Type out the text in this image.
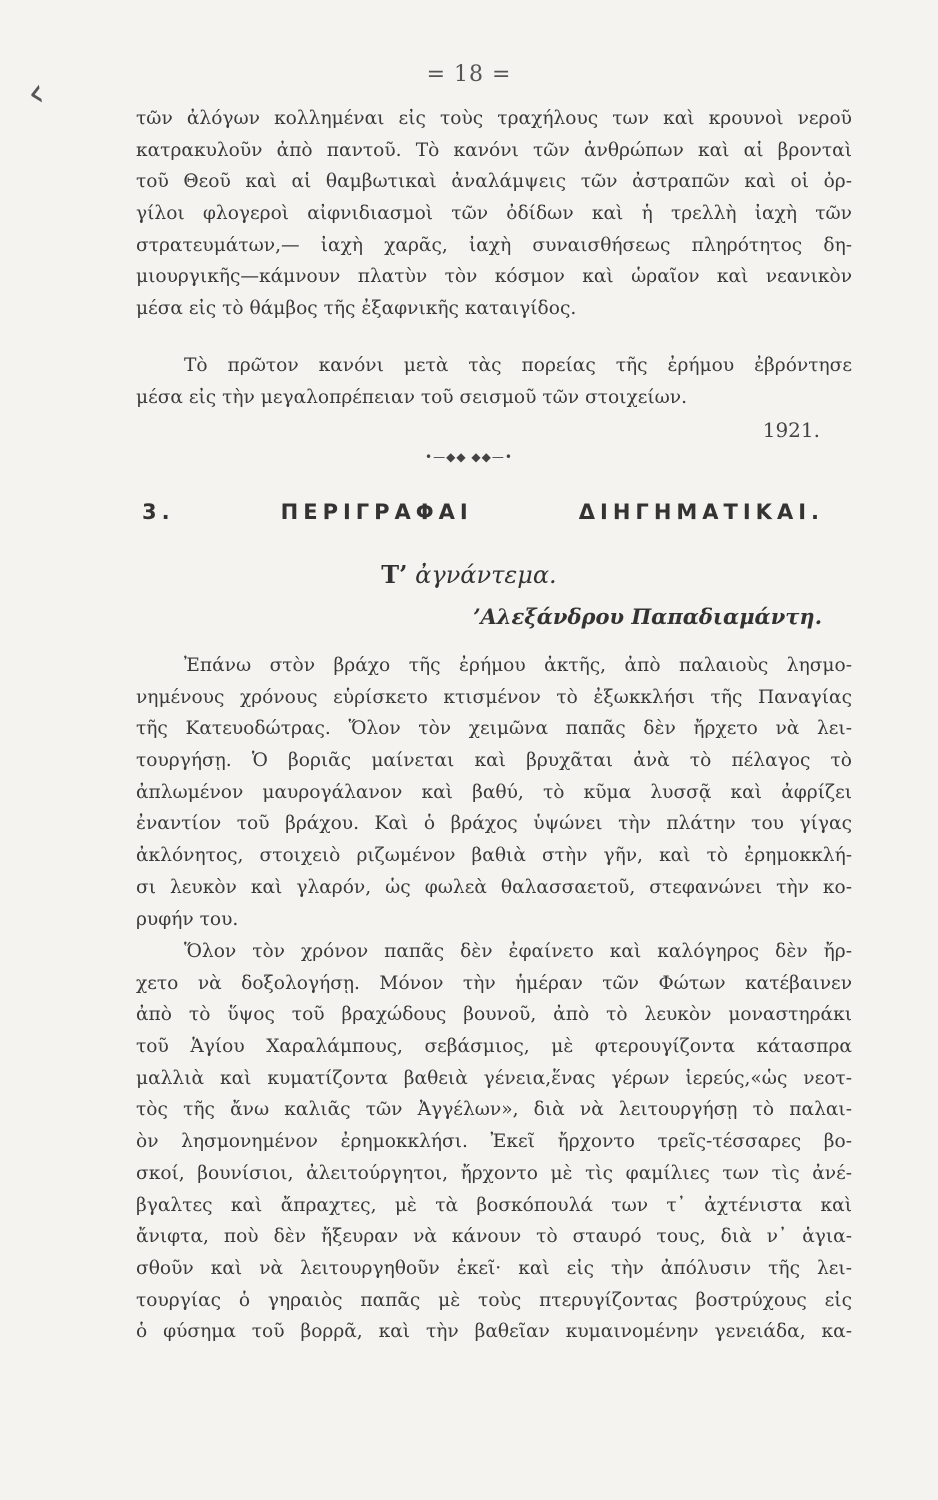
‹	= 18 =
τῶν ἀλόγων κολλημέναι εἰς τοὺς τραχήλους των καὶ κρουνοὶ νεροῦ
κατρακυλοῦν ἀπὸ παντοῦ. Τὸ κανόνι τῶν ἀνθρώπων καὶ αἱ βρονταὶ
τοῦ Θεοῦ καὶ αἱ θαμβωτικαὶ ἀναλάμψεις τῶν ἀστραπῶν καὶ οἱ ὀρ-
γίλοι φλογεροὶ αἰφνιδιασμοὶ τῶν ὀδίδων καὶ ἡ τρελλὴ ἰαχὴ τῶν
στρατευμάτων,— ἰαχὴ χαρᾶς, ἰαχὴ συναισθήσεως πληρότητος δη-
μιουργικῆς—κάμνουν πλατὺν τὸν κόσμον καὶ ὡραῖον καὶ νεανικὸν
μέσα εἰς τὸ θάμβος τῆς ἐξαφνικῆς καταιγίδος.
Τὸ πρῶτον κανόνι μετὰ τὰς πορείας τῆς ἐρήμου ἐβρόντησε
μέσα εἰς τὴν μεγαλοπρέπειαν τοῦ σεισμοῦ τῶν στοιχείων.
1921.
•—◆◆ ◆◆—•
3. ΠΕΡΙΓΡΑΦΑΙ ΔΙΗΓΗΜΑΤΙΚΑΙ.
Τ’ ἀγνάντεμα.
’Αλεξάνδρου Παπαδιαμάντη.
Ἐπάνω στὸν βράχο τῆς ἐρήμου ἀκτῆς, ἀπὸ παλαιοὺς λησμο-
νημένους χρόνους εὑρίσκετο κτισμένον τὸ ἐξωκκλήσι τῆς Παναγίας
τῆς Κατευοδώτρας. Ὅλον τὸν χειμῶνα παπᾶς δὲν ἤρχετο νὰ λει-
τουργήσῃ. Ὁ βοριᾶς μαίνεται καὶ βρυχᾶται ἀνὰ τὸ πέλαγος τὸ
ἀπλωμένον μαυρογάλανον καὶ βαθύ, τὸ κῦμα λυσσᾷ καὶ ἀφρίζει
ἐναντίον τοῦ βράχου. Καὶ ὁ βράχος ὑψώνει τὴν πλάτην του γίγας
ἀκλόνητος, στοιχειὸ ριζωμένον βαθιὰ στὴν γῆν, καὶ τὸ ἐρημοκκλή-
σι λευκὸν καὶ γλαρόν, ὡς φωλεὰ θαλασσαετοῦ, στεφανώνει τὴν κο-
ρυφήν του.
Ὅλον τὸν χρόνον παπᾶς δὲν ἐφαίνετο καὶ καλόγηρος δὲν ἤρ-
χετο νὰ δοξολογήσῃ. Μόνον τὴν ἡμέραν τῶν Φώτων κατέβαινεν
ἀπὸ τὸ ὕψος τοῦ βραχώδους βουνοῦ, ἀπὸ τὸ λευκὸν μοναστηράκι
τοῦ Ἁγίου Χαραλάμπους, σεβάσμιος, μὲ φτερουγίζοντα κάτασπρα
μαλλιὰ καὶ κυματίζοντα βαθειὰ γένεια,ἕνας γέρων ἱερεύς,«ὡς νεοτ-
τὸς τῆς ἄνω καλιᾶς τῶν Ἀγγέλων», διὰ νὰ λειτουργήσῃ τὸ παλαι-
ὸν λησμονημένον ἐρημοκκλήσι. Ἐκεῖ ἤρχοντο τρεῖς-τέσσαρες βο-
σκοί, βουνίσιοι, ἀλειτούργητοι, ἤρχοντο μὲ τὶς φαμίλιες των τὶς ἀνέ-
βγαλτες καὶ ἄπραχτες, μὲ τὰ βοσκόπουλά των τ᾽ ἀχτένιστα καὶ
ἄνιφτα, ποὺ δὲν ἤξευραν νὰ κάνουν τὸ σταυρό τους, διὰ ν᾽ ἁγια-
σθοῦν καὶ νὰ λειτουργηθοῦν ἐκεῖ· καὶ εἰς τὴν ἀπόλυσιν τῆς λει-
τουργίας ὁ γηραιὸς παπᾶς μὲ τοὺς πτερυγίζοντας βοστρύχους εἰς
ὁ φύσημα τοῦ βορρᾶ, καὶ τὴν βαθεῖαν κυμαινομένην γενειάδα, κα-
